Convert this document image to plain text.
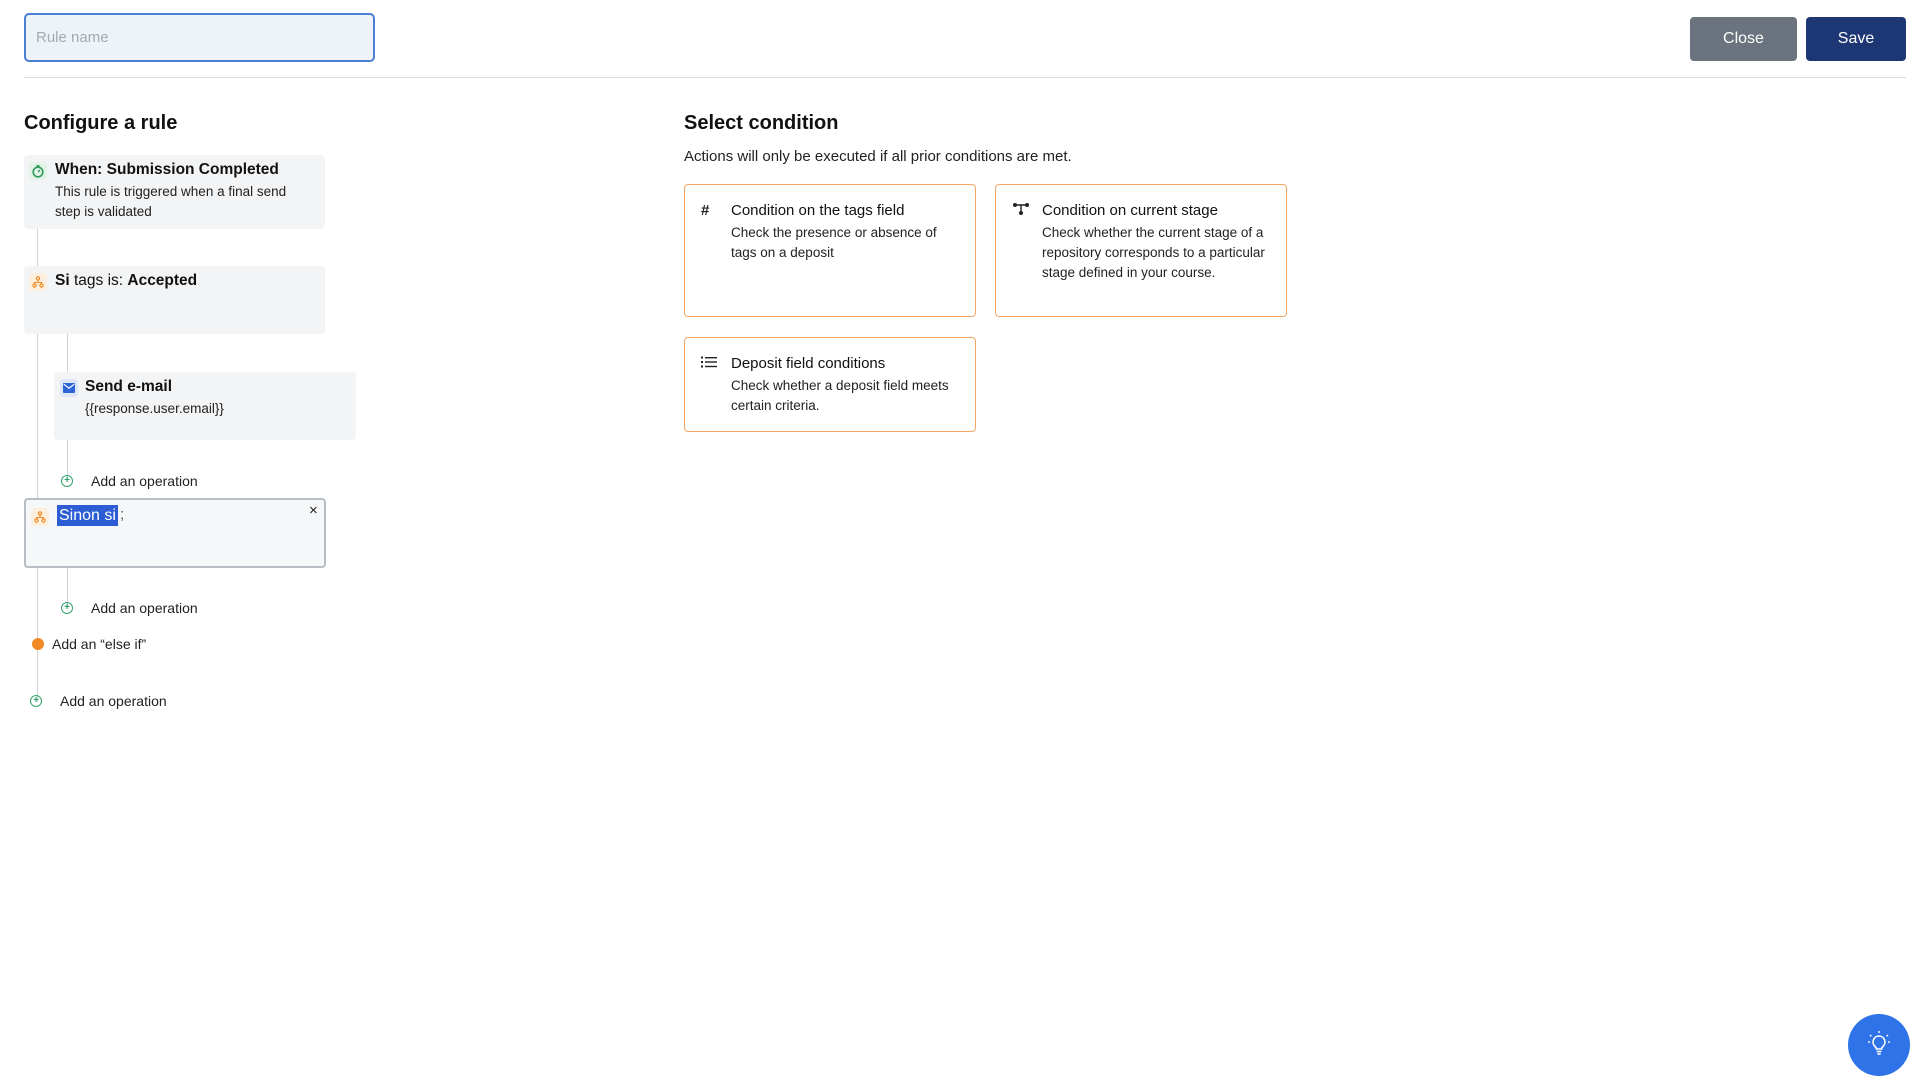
Rule name
Close	Save
Configure a rule
When: Submission Completed
This rule is triggered when a final send step is validated
Si tags is: Accepted
Send e-mail
{{response.user.email}}
+ Add an operation
Sinon si ;	×
+ Add an operation
Add an “else if”
+ Add an operation
Select condition
Actions will only be executed if all prior conditions are met.
#	Condition on the tags field
Check the presence or absence of tags on a deposit
Condition on current stage
Check whether the current stage of a repository corresponds to a particular stage defined in your course.
Deposit field conditions
Check whether a deposit field meets certain criteria.
